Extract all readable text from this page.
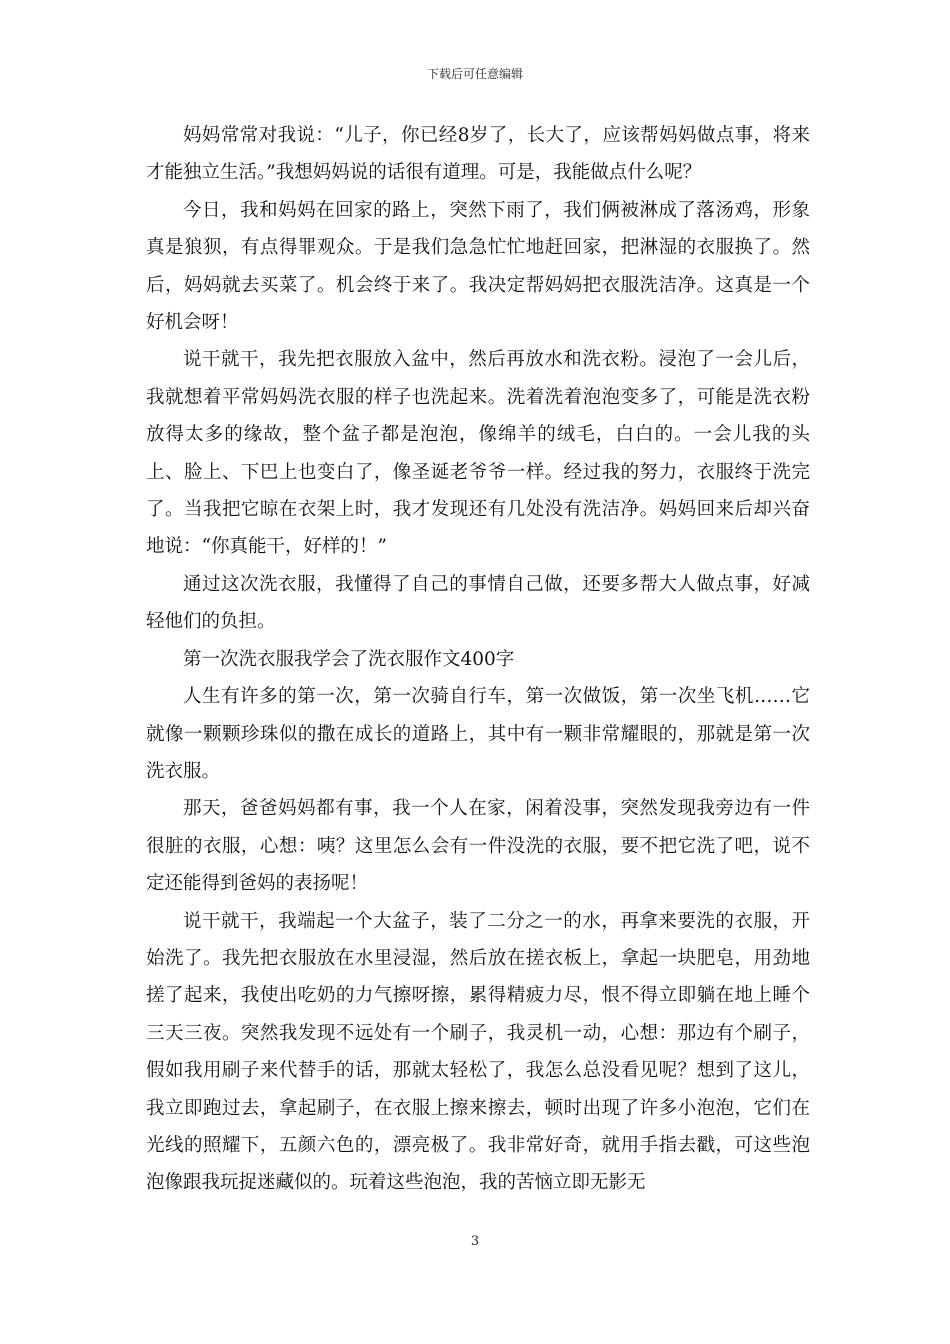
下载后可任意编辑

妈妈常常对我说：“儿子，你已经8岁了，长大了，应该帮妈妈做点事，将来才能独立生活。”我想妈妈说的话很有道理。可是，我能做点什么呢？

今日，我和妈妈在回家的路上，突然下雨了，我们俩被淋成了落汤鸡，形象真是狼狈，有点得罪观众。于是我们急急忙忙地赶回家，把淋湿的衣服换了。然后，妈妈就去买菜了。机会终于来了。我决定帮妈妈把衣服洗洁净。这真是一个好机会呀！

说干就干，我先把衣服放入盆中，然后再放水和洗衣粉。浸泡了一会儿后，我就想着平常妈妈洗衣服的样子也洗起来。洗着洗着泡泡变多了，可能是洗衣粉放得太多的缘故，整个盆子都是泡泡，像绵羊的绒毛，白白的。一会儿我的头上、脸上、下巴上也变白了，像圣诞老爷爷一样。经过我的努力，衣服终于洗完了。当我把它晾在衣架上时，我才发现还有几处没有洗洁净。妈妈回来后却兴奋地说：“你真能干，好样的！”

通过这次洗衣服，我懂得了自己的事情自己做，还要多帮大人做点事，好减轻他们的负担。

第一次洗衣服我学会了洗衣服作文400字

人生有许多的第一次，第一次骑自行车，第一次做饭，第一次坐飞机……它就像一颗颗珍珠似的撒在成长的道路上，其中有一颗非常耀眼的，那就是第一次洗衣服。

那天，爸爸妈妈都有事，我一个人在家，闲着没事，突然发现我旁边有一件很脏的衣服，心想：咦？这里怎么会有一件没洗的衣服，要不把它洗了吧，说不定还能得到爸妈的表扬呢！

说干就干，我端起一个大盆子，装了二分之一的水，再拿来要洗的衣服，开始洗了。我先把衣服放在水里浸湿，然后放在搓衣板上，拿起一块肥皂，用劲地搓了起来，我使出吃奶的力气擦呀擦，累得精疲力尽，恨不得立即躺在地上睡个三天三夜。突然我发现不远处有一个刷子，我灵机一动，心想：那边有个刷子，假如我用刷子来代替手的话，那就太轻松了，我怎么总没看见呢？想到了这儿，我立即跑过去，拿起刷子，在衣服上擦来擦去，顿时出现了许多小泡泡，它们在光线的照耀下，五颜六色的，漂亮极了。我非常好奇，就用手指去戳，可这些泡泡像跟我玩捉迷藏似的。玩着这些泡泡，我的苦恼立即无影无

3
